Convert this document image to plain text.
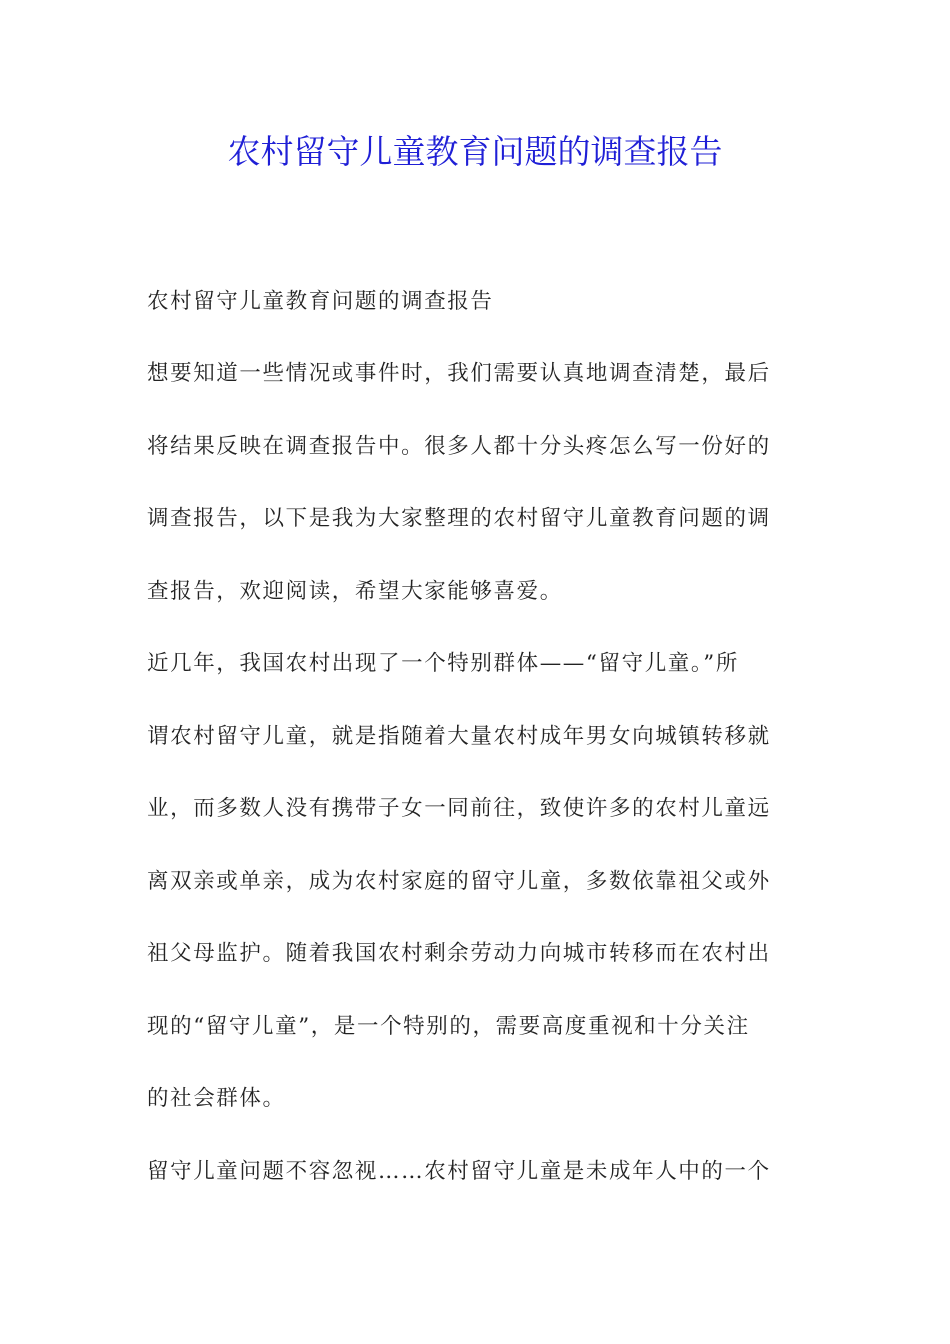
农村留守儿童教育问题的调查报告

农村留守儿童教育问题的调查报告

想要知道一些情况或事件时，我们需要认真地调查清楚，最后
将结果反映在调查报告中。很多人都十分头疼怎么写一份好的
调查报告，以下是我为大家整理的农村留守儿童教育问题的调
查报告，欢迎阅读，希望大家能够喜爱。

近几年，我国农村出现了一个特别群体——“留守儿童。”所
谓农村留守儿童，就是指随着大量农村成年男女向城镇转移就
业，而多数人没有携带子女一同前往，致使许多的农村儿童远
离双亲或单亲，成为农村家庭的留守儿童，多数依靠祖父或外
祖父母监护。随着我国农村剩余劳动力向城市转移而在农村出
现的“留守儿童”，是一个特别的，需要高度重视和十分关注
的社会群体。

留守儿童问题不容忽视……农村留守儿童是未成年人中的一个
